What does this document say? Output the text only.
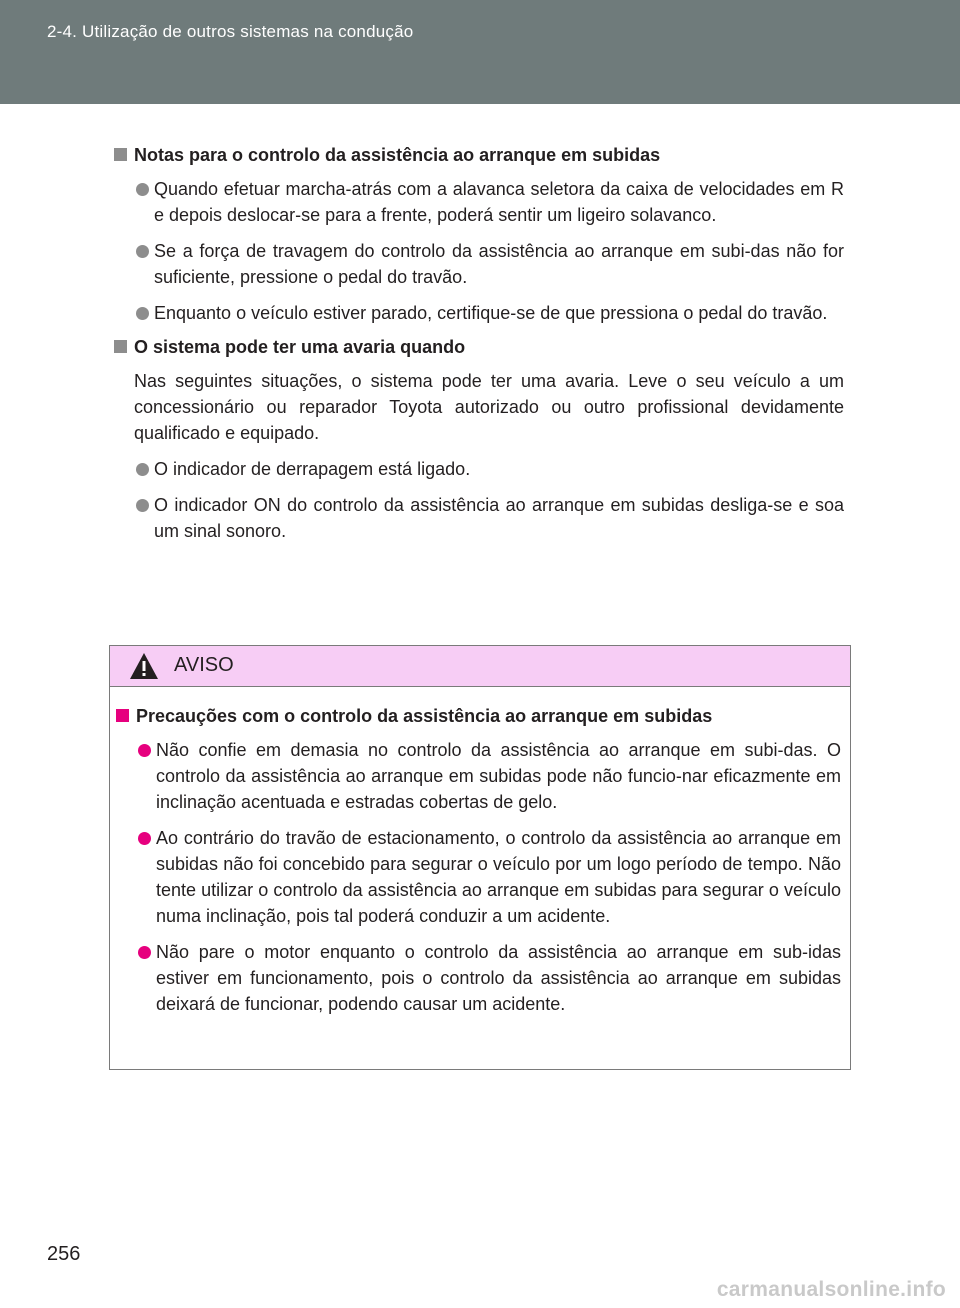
2-4. Utilização de outros sistemas na condução
Notas para o controlo da assistência ao arranque em subidas
Quando efetuar marcha-atrás com a alavanca seletora da caixa de velocidades em R e depois deslocar-se para a frente, poderá sentir um ligeiro solavanco.
Se a força de travagem do controlo da assistência ao arranque em subi-das não for suficiente, pressione o pedal do travão.
Enquanto o veículo estiver parado, certifique-se de que pressiona o pedal do travão.
O sistema pode ter uma avaria quando
Nas seguintes situações, o sistema pode ter uma avaria. Leve o seu veículo a um concessionário ou reparador Toyota autorizado ou outro profissional devidamente qualificado e equipado.
O indicador de derrapagem está ligado.
O indicador ON do controlo da assistência ao arranque em subidas desliga-se e soa um sinal sonoro.
AVISO
Precauções com o controlo da assistência ao arranque em subidas
Não confie em demasia no controlo da assistência ao arranque em subi-das. O controlo da assistência ao arranque em subidas pode não funcio-nar eficazmente em inclinação acentuada e estradas cobertas de gelo.
Ao contrário do travão de estacionamento, o controlo da assistência ao arranque em subidas não foi concebido para segurar o veículo por um logo período de tempo. Não tente utilizar o controlo da assistência ao arranque em subidas para segurar o veículo numa inclinação, pois tal poderá conduzir a um acidente.
Não pare o motor enquanto o controlo da assistência ao arranque em sub-idas estiver em funcionamento, pois o controlo da assistência ao arranque em subidas deixará de funcionar, podendo causar um acidente.
256
carmanualsonline.info
